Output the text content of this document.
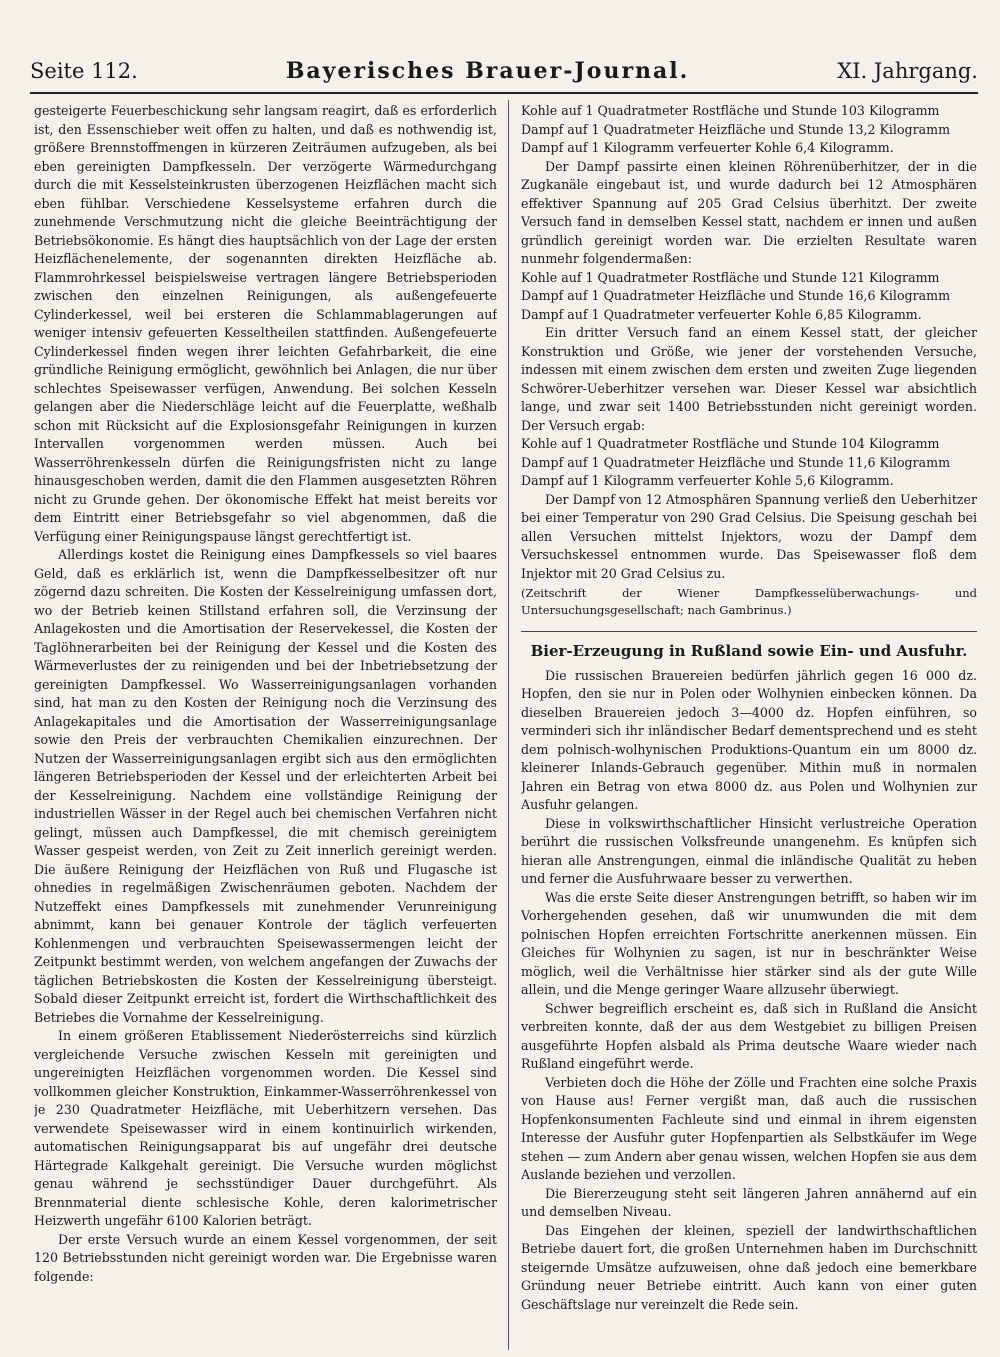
Seite 112.	Bayerisches Brauer-Journal.	XI. Jahrgang.

gesteigerte Feuerbeschickung sehr langsam reagirt, daß es erforderlich ist, den Essenschieber weit offen zu halten, und daß es nothwendig ist, größere Brennstoffmengen in kürzeren Zeiträumen aufzugeben, als bei eben gereinigten Dampfkesseln. Der verzögerte Wärmedurchgang durch die mit Kesselsteinkrusten überzogenen Heizflächen macht sich eben fühlbar. Verschiedene Kesselsysteme erfahren durch die zunehmende Verschmutzung nicht die gleiche Beeinträchtigung der Betriebsökonomie. Es hängt dies hauptsächlich von der Lage der ersten Heizflächenelemente, der sogenannten direkten Heizfläche ab. Flammrohrkessel beispielsweise vertragen längere Betriebsperioden zwischen den einzelnen Reinigungen, als außengefeuerte Cylinderkessel, weil bei ersteren die Schlammablagerungen auf weniger intensiv gefeuerten Kesseltheilen stattfinden. Außengefeuerte Cylinderkessel finden wegen ihrer leichten Gefahrbarkeit, die eine gründliche Reinigung ermöglicht, gewöhnlich bei Anlagen, die nur über schlechtes Speisewasser verfügen, Anwendung. Bei solchen Kesseln gelangen aber die Niederschläge leicht auf die Feuerplatte, weßhalb schon mit Rücksicht auf die Explosionsgefahr Reinigungen in kurzen Intervallen vorgenommen werden müssen. Auch bei Wasserröhrenkesseln dürfen die Reinigungsfristen nicht zu lange hinausgeschoben werden, damit die den Flammen ausgesetzten Röhren nicht zu Grunde gehen. Der ökonomische Effekt hat meist bereits vor dem Eintritt einer Betriebsgefahr so viel abgenommen, daß die Verfügung einer Reinigungspause längst gerechtfertigt ist.

Allerdings kostet die Reinigung eines Dampfkessels so viel baares Geld, daß es erklärlich ist, wenn die Dampfkesselbesitzer oft nur zögernd dazu schreiten. Die Kosten der Kesselreinigung umfassen dort, wo der Betrieb keinen Stillstand erfahren soll, die Verzinsung der Anlagekosten und die Amortisation der Reservekessel, die Kosten der Taglöhnerarbeiten bei der Reinigung der Kessel und die Kosten des Wärmeverlustes der zu reinigenden und bei der Inbetriebsetzung der gereinigten Dampfkessel. Wo Wasserreinigungsanlagen vorhanden sind, hat man zu den Kosten der Reinigung noch die Verzinsung des Anlagekapitales und die Amortisation der Wasserreinigungsanlage sowie den Preis der verbrauchten Chemikalien einzurechnen. Der Nutzen der Wasserreinigungsanlagen ergibt sich aus den ermöglichten längeren Betriebsperioden der Kessel und der erleichterten Arbeit bei der Kesselreinigung. Nachdem eine vollständige Reinigung der industriellen Wässer in der Regel auch bei chemischen Verfahren nicht gelingt, müssen auch Dampfkessel, die mit chemisch gereinigtem Wasser gespeist werden, von Zeit zu Zeit innerlich gereinigt werden. Die äußere Reinigung der Heizflächen von Ruß und Flugasche ist ohnedies in regelmäßigen Zwischenräumen geboten. Nachdem der Nutzeffekt eines Dampfkessels mit zunehmender Verunreinigung abnimmt, kann bei genauer Kontrole der täglich verfeuerten Kohlenmengen und verbrauchten Speisewassermengen leicht der Zeitpunkt bestimmt werden, von welchem angefangen der Zuwachs der täglichen Betriebskosten die Kosten der Kesselreinigung übersteigt. Sobald dieser Zeitpunkt erreicht ist, fordert die Wirthschaftlichkeit des Betriebes die Vornahme der Kesselreinigung.

In einem größeren Etablissement Niederösterreichs sind kürzlich vergleichende Versuche zwischen Kesseln mit gereinigten und ungereinigten Heizflächen vorgenommen worden. Die Kessel sind vollkommen gleicher Konstruktion, Einkammer-Wasserröhrenkessel von je 230 Quadratmeter Heizfläche, mit Ueberhitzern versehen. Das verwendete Speisewasser wird in einem kontinuirlich wirkenden, automatischen Reinigungsapparat bis auf ungefähr drei deutsche Härtegrade Kalkgehalt gereinigt. Die Versuche wurden möglichst genau während je sechsstündiger Dauer durchgeführt. Als Brennmaterial diente schlesische Kohle, deren kalorimetrischer Heizwerth ungefähr 6100 Kalorien beträgt.

Der erste Versuch wurde an einem Kessel vorgenommen, der seit 120 Betriebsstunden nicht gereinigt worden war. Die Ergebnisse waren folgende:

Kohle auf 1 Quadratmeter Rostfläche und Stunde 103 Kilogramm

Dampf auf 1 Quadratmeter Heizfläche und Stunde 13,2 Kilogramm

Dampf auf 1 Kilogramm verfeuerter Kohle 6,4 Kilogramm.

Der Dampf passirte einen kleinen Röhrenüberhitzer, der in die Zugkanäle eingebaut ist, und wurde dadurch bei 12 Atmosphären effektiver Spannung auf 205 Grad Celsius überhitzt. Der zweite Versuch fand in demselben Kessel statt, nachdem er innen und außen gründlich gereinigt worden war. Die erzielten Resultate waren nunmehr folgendermaßen:

Kohle auf 1 Quadratmeter Rostfläche und Stunde 121 Kilogramm

Dampf auf 1 Quadratmeter Heizfläche und Stunde 16,6 Kilogramm

Dampf auf 1 Quadratmeter verfeuerter Kohle 6,85 Kilogramm.

Ein dritter Versuch fand an einem Kessel statt, der gleicher Konstruktion und Größe, wie jener der vorstehenden Versuche, indessen mit einem zwischen dem ersten und zweiten Zuge liegenden Schwörer-Ueberhitzer versehen war. Dieser Kessel war absichtlich lange, und zwar seit 1400 Betriebsstunden nicht gereinigt worden. Der Versuch ergab:

Kohle auf 1 Quadratmeter Rostfläche und Stunde 104 Kilogramm

Dampf auf 1 Quadratmeter Heizfläche und Stunde 11,6 Kilogramm

Dampf auf 1 Kilogramm verfeuerter Kohle 5,6 Kilogramm.

Der Dampf von 12 Atmosphären Spannung verließ den Ueberhitzer bei einer Temperatur von 290 Grad Celsius. Die Speisung geschah bei allen Versuchen mittelst Injektors, wozu der Dampf dem Versuchskessel entnommen wurde. Das Speisewasser floß dem Injektor mit 20 Grad Celsius zu.

(Zeitschrift der Wiener Dampfkesselüberwachungs- und Untersuchungsgesellschaft; nach Gambrinus.)

Bier-Erzeugung in Rußland sowie Ein- und Ausfuhr.

Die russischen Brauereien bedürfen jährlich gegen 16 000 dz. Hopfen, den sie nur in Polen oder Wolhynien einbecken können. Da dieselben Brauereien jedoch 3—4000 dz. Hopfen einführen, so verminderi sich ihr inländischer Bedarf dementsprechend und es steht dem polnisch-wolhynischen Produktions-Quantum ein um 8000 dz. kleinerer Inlands-Gebrauch gegenüber. Mithin muß in normalen Jahren ein Betrag von etwa 8000 dz. aus Polen und Wolhynien zur Ausfuhr gelangen.

Diese in volkswirthschaftlicher Hinsicht verlustreiche Operation berührt die russischen Volksfreunde unangenehm. Es knüpfen sich hieran alle Anstrengungen, einmal die inländische Qualität zu heben und ferner die Ausfuhrwaare besser zu verwerthen.

Was die erste Seite dieser Anstrengungen betrifft, so haben wir im Vorhergehenden gesehen, daß wir unumwunden die mit dem polnischen Hopfen erreichten Fortschritte anerkennen müssen. Ein Gleiches für Wolhynien zu sagen, ist nur in beschränkter Weise möglich, weil die Verhältnisse hier stärker sind als der gute Wille allein, und die Menge geringer Waare allzusehr überwiegt.

Schwer begreiflich erscheint es, daß sich in Rußland die Ansicht verbreiten konnte, daß der aus dem Westgebiet zu billigen Preisen ausgeführte Hopfen alsbald als Prima deutsche Waare wieder nach Rußland eingeführt werde.

Verbieten doch die Höhe der Zölle und Frachten eine solche Praxis von Hause aus! Ferner vergißt man, daß auch die russischen Hopfenkonsumenten Fachleute sind und einmal in ihrem eigensten Interesse der Ausfuhr guter Hopfenpartien als Selbstkäufer im Wege stehen — zum Andern aber genau wissen, welchen Hopfen sie aus dem Auslande beziehen und verzollen.

Die Biererzeugung steht seit längeren Jahren annähernd auf ein und demselben Niveau.

Das Eingehen der kleinen, speziell der landwirthschaftlichen Betriebe dauert fort, die großen Unternehmen haben im Durchschnitt steigernde Umsätze aufzuweisen, ohne daß jedoch eine bemerkbare Gründung neuer Betriebe eintritt. Auch kann von einer guten Geschäftslage nur vereinzelt die Rede sein.
